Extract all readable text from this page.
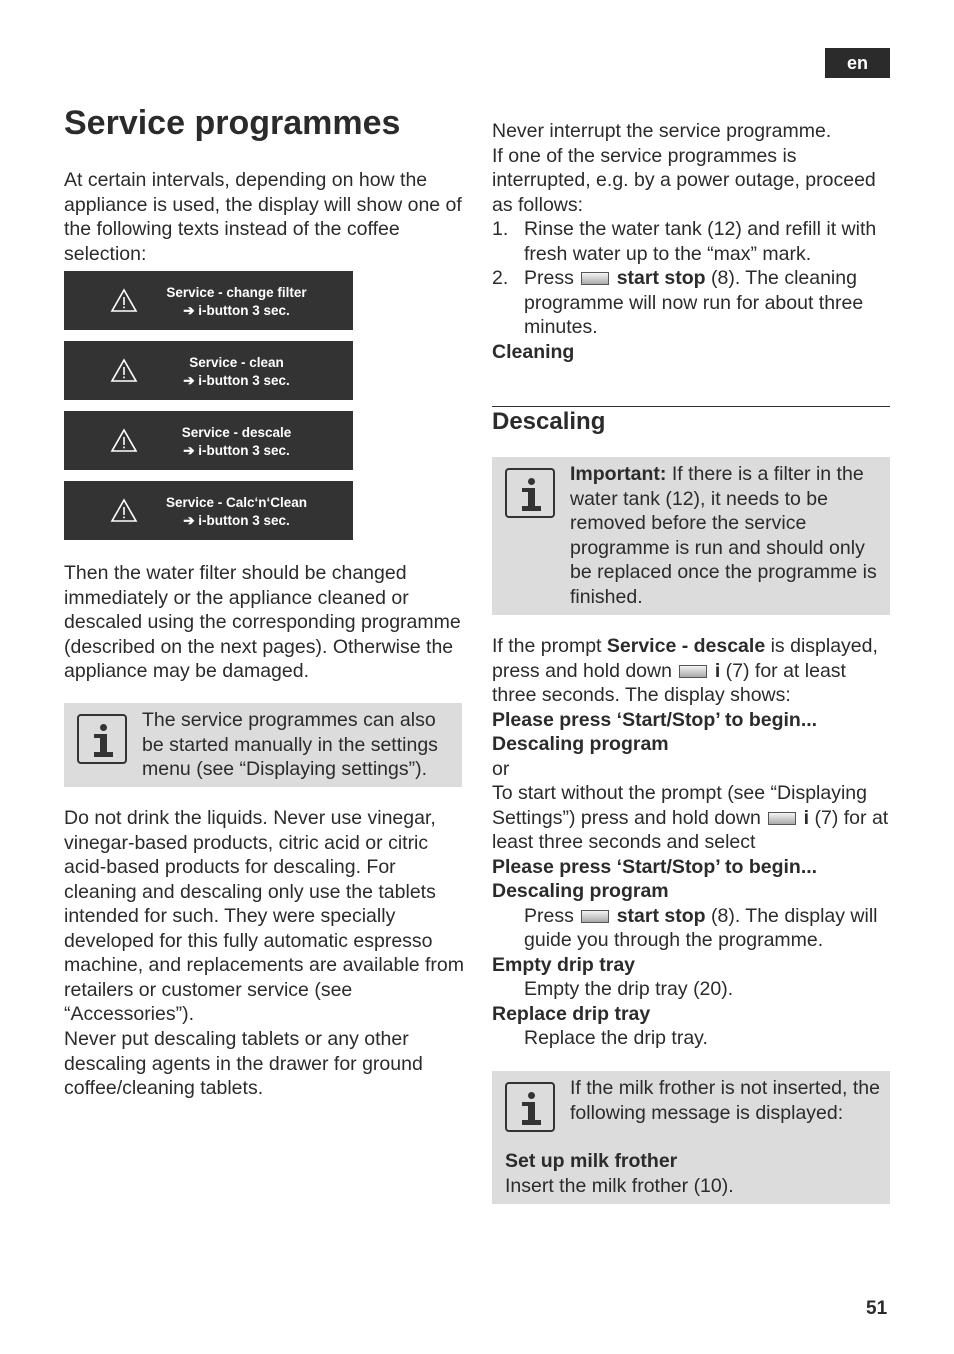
en
Service programmes

At certain intervals, depending on how the appliance is used, the display will show one of the following texts instead of the coffee selection:

Service - change filter
➔ i-button 3 sec.
Service - clean
➔ i-button 3 sec.
Service - descale
➔ i-button 3 sec.
Service - Calc‘n‘Clean
➔ i-button 3 sec.

Then the water filter should be changed immediately or the appliance cleaned or descaled using the corresponding programme (described on the next pages). Otherwise the appliance may be damaged.

The service programmes can also be started manually in the settings menu (see “Displaying settings”).

Do not drink the liquids. Never use vinegar, vinegar-based products, citric acid or citric acid-based products for descaling. For cleaning and descaling only use the tablets intended for such. They were specially developed for this fully automatic espresso machine, and replacements are available from retailers or customer service (see “Accessories”).

Never put descaling tablets or any other descaling agents in the drawer for ground coffee/cleaning tablets.

Never interrupt the service programme.

If one of the service programmes is interrupted, e.g. by a power outage, proceed as follows:

1. Rinse the water tank (12) and refill it with fresh water up to the “max” mark.
2. Press start stop (8). The cleaning programme will now run for about three minutes.

Cleaning

Descaling

Important: If there is a filter in the water tank (12), it needs to be removed before the service programme is run and should only be replaced once the programme is finished.

If the prompt Service - descale is displayed, press and hold down i (7) for at least three seconds. The display shows:

Please press ‘Start/Stop’ to begin...

Descaling program

or

To start without the prompt (see “Displaying Settings”) press and hold down i (7) for at least three seconds and select

Please press ‘Start/Stop’ to begin...

Descaling program

Press start stop (8). The display will guide you through the programme.

Empty drip tray

Empty the drip tray (20).

Replace drip tray

Replace the drip tray.

If the milk frother is not inserted, the following message is displayed:

Set up milk frother

Insert the milk frother (10).

51
